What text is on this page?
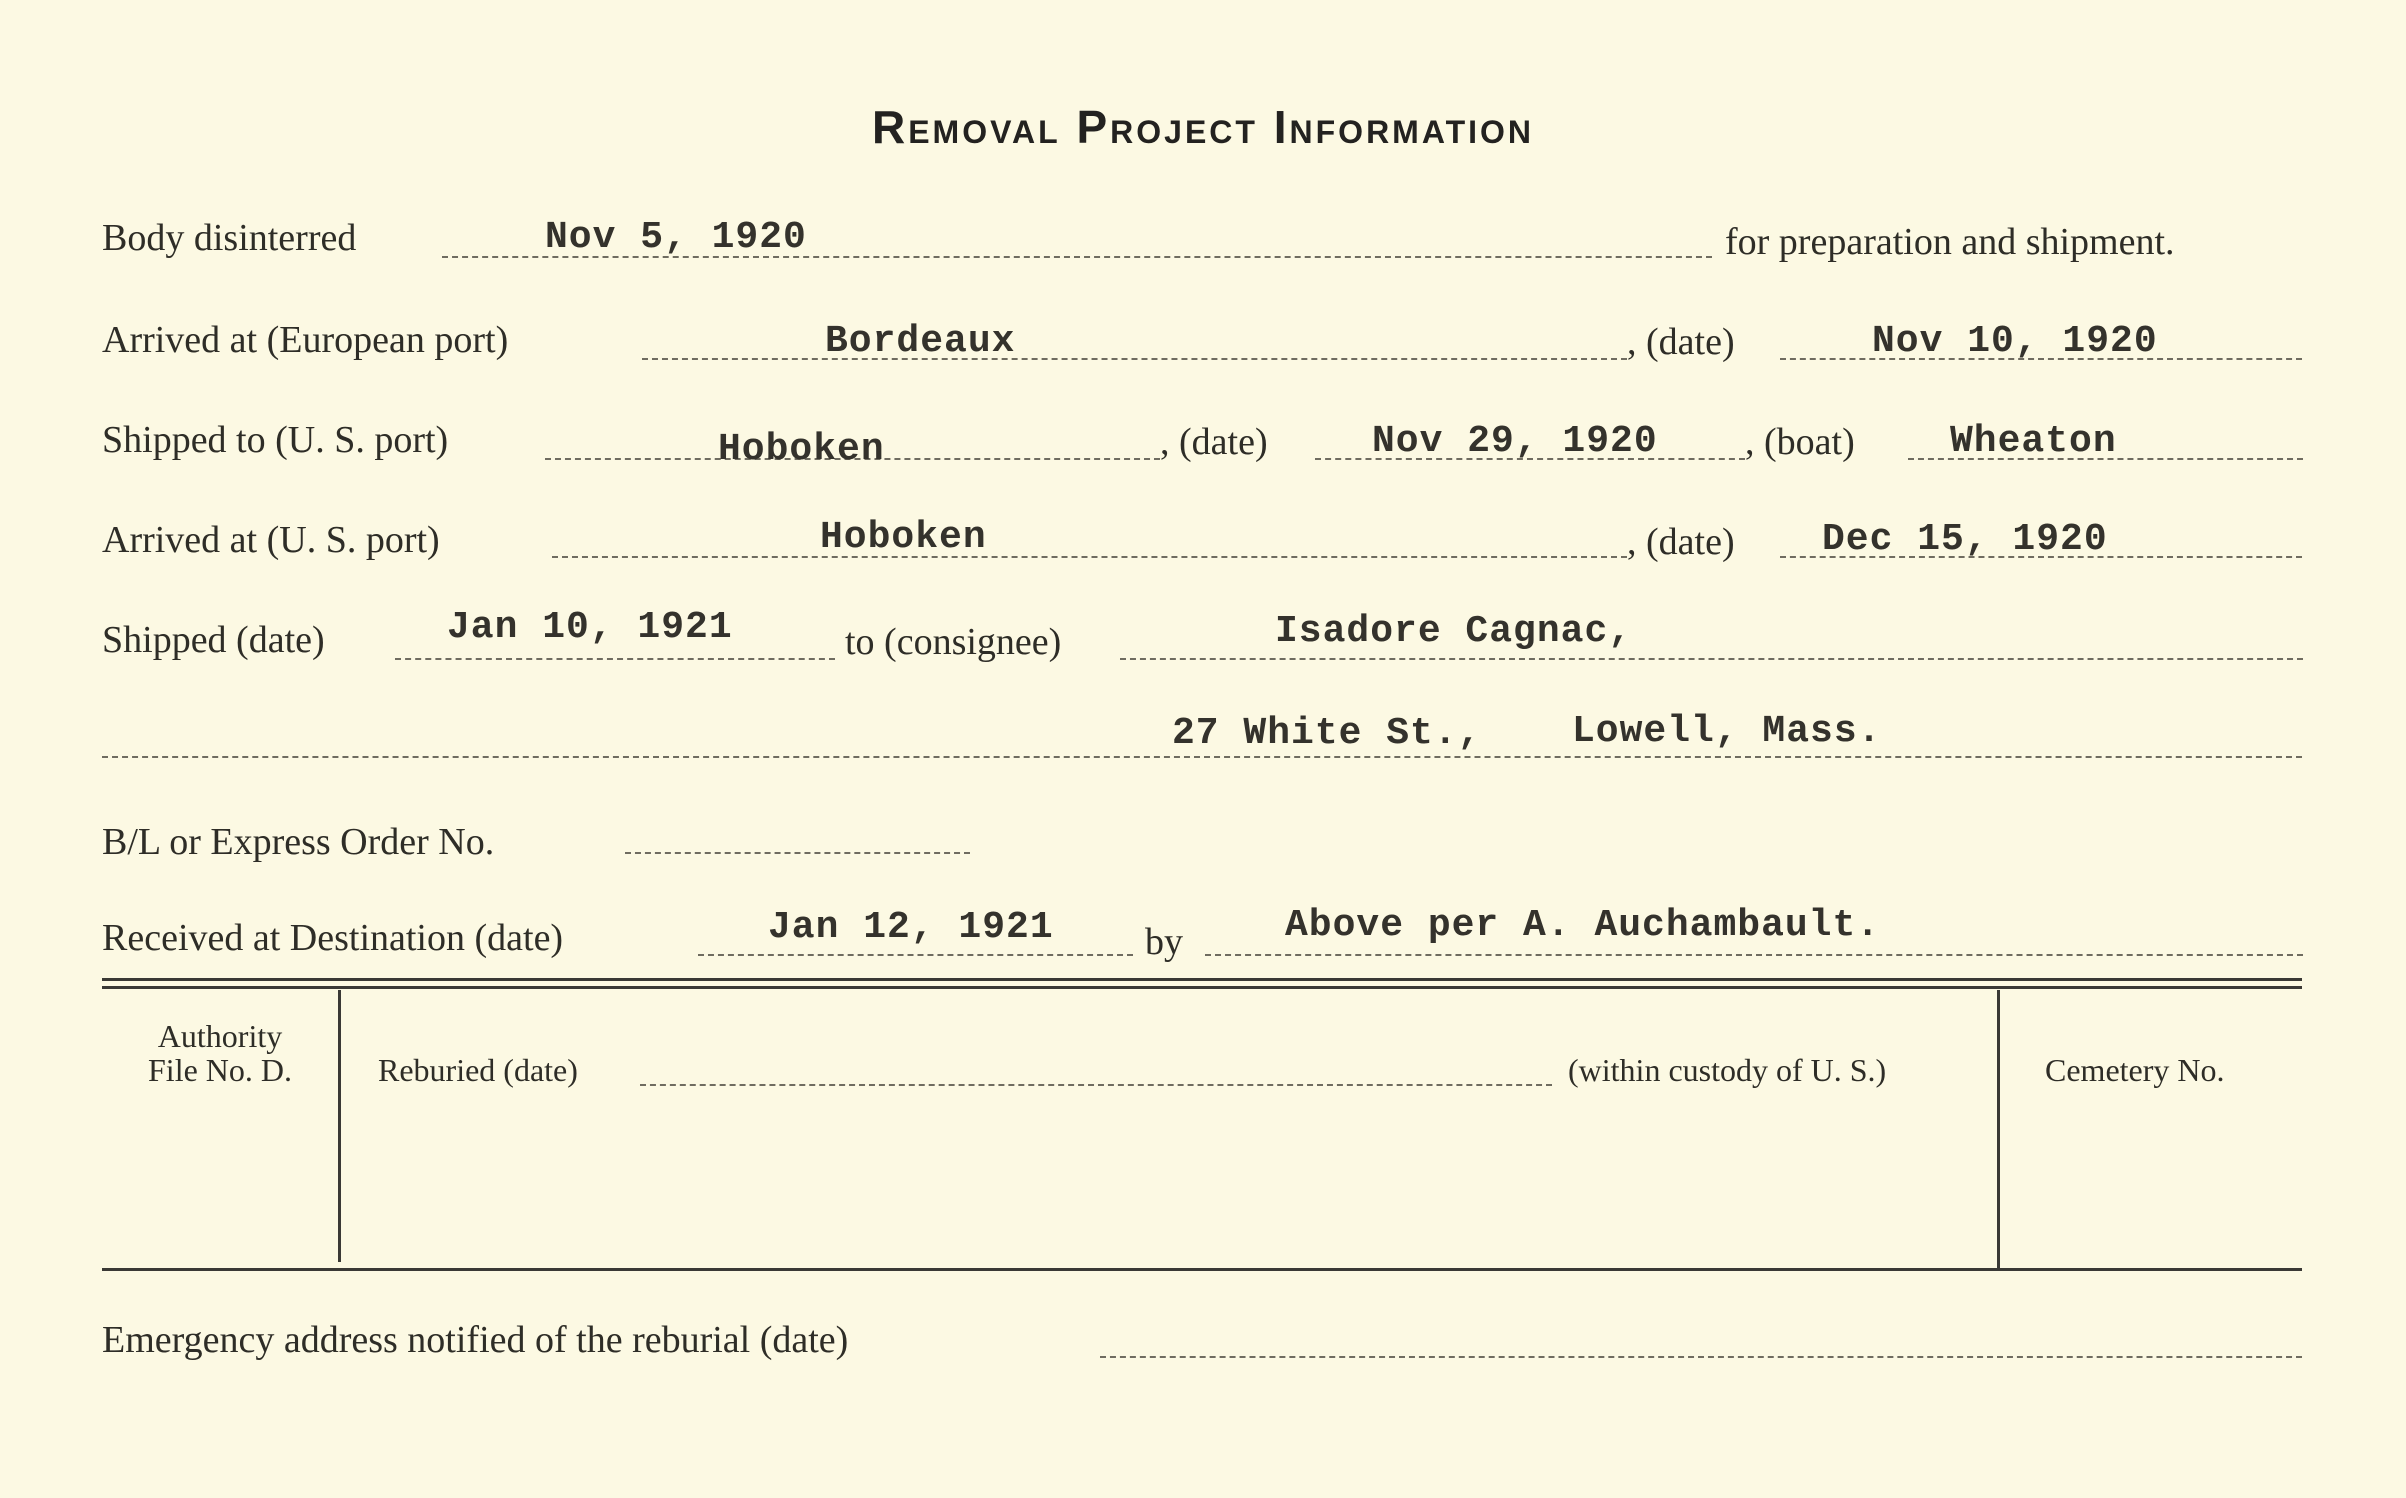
Removal Project Information
Body disinterred	Nov 5, 1920	for preparation and shipment.
Arrived at (European port)	Bordeaux	, (date)	Nov 10, 1920
Shipped to (U. S. port)	Hoboken	, (date)	Nov 29, 1920 , (boat)	Wheaton
Arrived at (U. S. port)	Hoboken	, (date) Dec 15, 1920
Shipped (date)	Jan 10, 1921	to (consignee)	Isadore Cagnac,
27 White St., Lowell, Mass.
B/L or Express Order No.
Received at Destination (date)	Jan 12, 1921 by	Above per A. Auchambault.
Authority
File No. D.	Reburied (date)	(within custody of U. S.)	Cemetery No.
Emergency address notified of the reburial (date)
